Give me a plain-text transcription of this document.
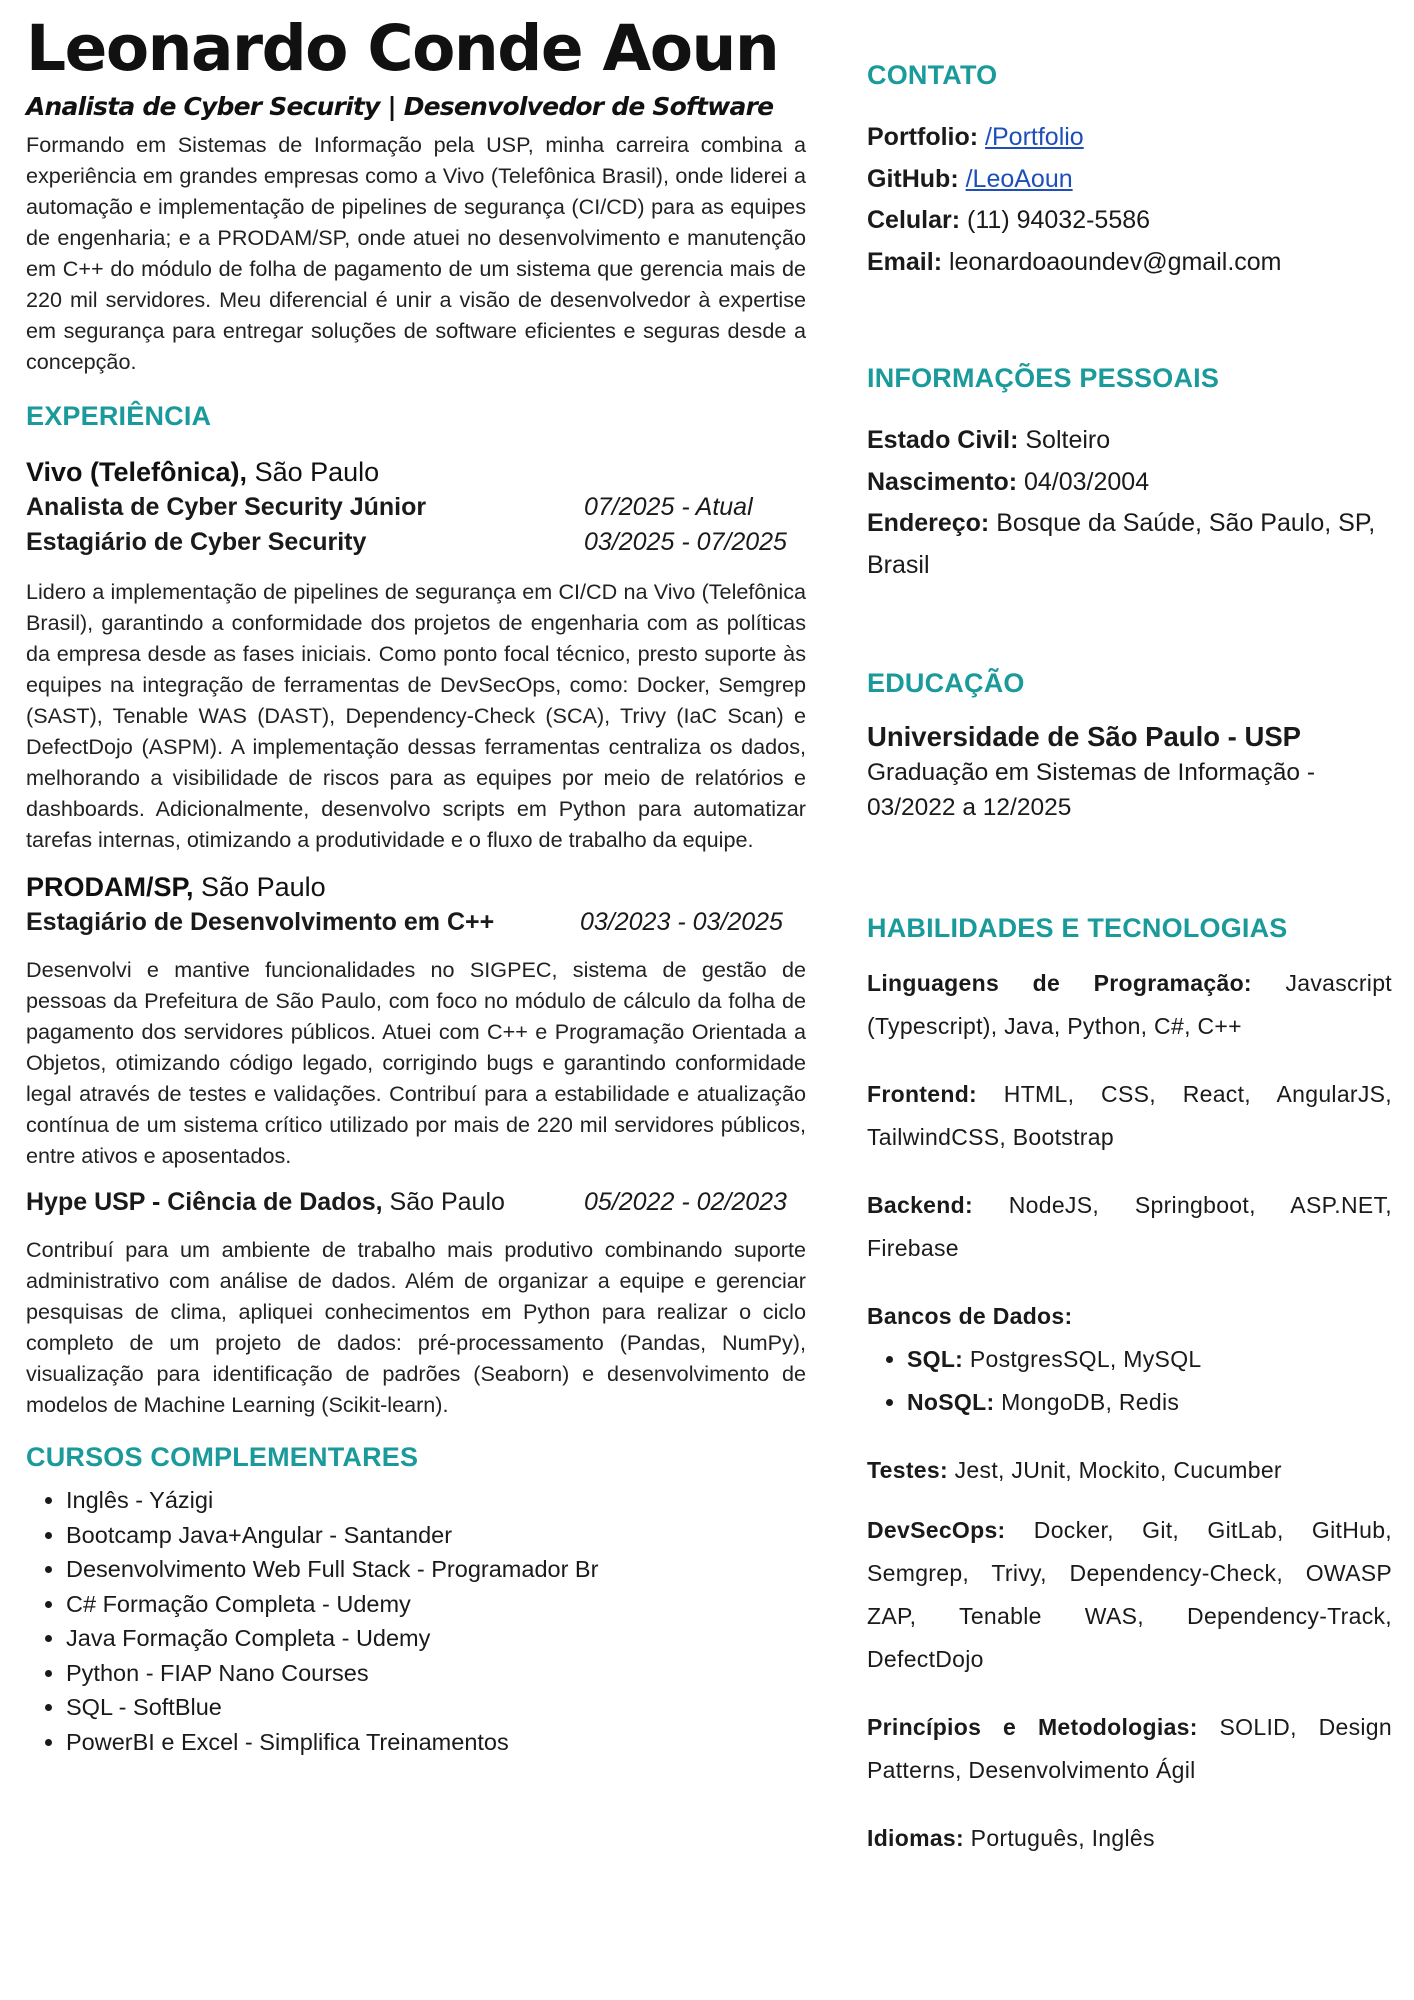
Leonardo Conde Aoun

Analista de Cyber Security | Desenvolvedor de Software

Formando em Sistemas de Informação pela USP, minha carreira combina a experiência em grandes empresas como a Vivo (Telefônica Brasil), onde liderei a automação e implementação de pipelines de segurança (CI/CD) para as equipes de engenharia; e a PRODAM/SP, onde atuei no desenvolvimento e manutenção em C++ do módulo de folha de pagamento de um sistema que gerencia mais de 220 mil servidores. Meu diferencial é unir a visão de desenvolvedor à expertise em segurança para entregar soluções de software eficientes e seguras desde a concepção.

EXPERIÊNCIA

Vivo (Telefônica), São Paulo

Analista de Cyber Security Júnior	07/2025 - Atual
Estagiário de Cyber Security	03/2025 - 07/2025

Lidero a implementação de pipelines de segurança em CI/CD na Vivo (Telefônica Brasil), garantindo a conformidade dos projetos de engenharia com as políticas da empresa desde as fases iniciais. Como ponto focal técnico, presto suporte às equipes na integração de ferramentas de DevSecOps, como: Docker, Semgrep (SAST), Tenable WAS (DAST), Dependency-Check (SCA), Trivy (IaC Scan) e DefectDojo (ASPM). A implementação dessas ferramentas centraliza os dados, melhorando a visibilidade de riscos para as equipes por meio de relatórios e dashboards. Adicionalmente, desenvolvo scripts em Python para automatizar tarefas internas, otimizando a produtividade e o fluxo de trabalho da equipe.

PRODAM/SP, São Paulo

Estagiário de Desenvolvimento em C++	03/2023 - 03/2025

Desenvolvi e mantive funcionalidades no SIGPEC, sistema de gestão de pessoas da Prefeitura de São Paulo, com foco no módulo de cálculo da folha de pagamento dos servidores públicos. Atuei com C++ e Programação Orientada a Objetos, otimizando código legado, corrigindo bugs e garantindo conformidade legal através de testes e validações. Contribuí para a estabilidade e atualização contínua de um sistema crítico utilizado por mais de 220 mil servidores públicos, entre ativos e aposentados.

Hype USP - Ciência de Dados, São Paulo	05/2022 - 02/2023

Contribuí para um ambiente de trabalho mais produtivo combinando suporte administrativo com análise de dados. Além de organizar a equipe e gerenciar pesquisas de clima, apliquei conhecimentos em Python para realizar o ciclo completo de um projeto de dados: pré-processamento (Pandas, NumPy), visualização para identificação de padrões (Seaborn) e desenvolvimento de modelos de Machine Learning (Scikit-learn).

CURSOS COMPLEMENTARES
• Inglês - Yázigi
• Bootcamp Java+Angular - Santander
• Desenvolvimento Web Full Stack - Programador Br
• C# Formação Completa - Udemy
• Java Formação Completa - Udemy
• Python - FIAP Nano Courses
• SQL - SoftBlue
• PowerBI e Excel - Simplifica Treinamentos
CONTATO

Portfolio: /Portfolio

GitHub: /LeoAoun

Celular: (11) 94032-5586

Email: leonardoaoundev@gmail.com

INFORMAÇÕES PESSOAIS

Estado Civil: Solteiro

Nascimento: 04/03/2004

Endereço: Bosque da Saúde, São Paulo, SP, Brasil

EDUCAÇÃO

Universidade de São Paulo - USP

Graduação em Sistemas de Informação - 03/2022 a 12/2025

HABILIDADES E TECNOLOGIAS

Linguagens de Programação: Javascript (Typescript), Java, Python, C#, C++

Frontend: HTML, CSS, React, AngularJS, TailwindCSS, Bootstrap

Backend: NodeJS, Springboot, ASP.NET, Firebase

Bancos de Dados:

• SQL: PostgresSQL, MySQL
• NoSQL: MongoDB, Redis

Testes: Jest, JUnit, Mockito, Cucumber

DevSecOps: Docker, Git, GitLab, GitHub, Semgrep, Trivy, Dependency-Check, OWASP ZAP, Tenable WAS, Dependency-Track, DefectDojo

Princípios e Metodologias: SOLID, Design Patterns, Desenvolvimento Ágil

Idiomas: Português, Inglês
